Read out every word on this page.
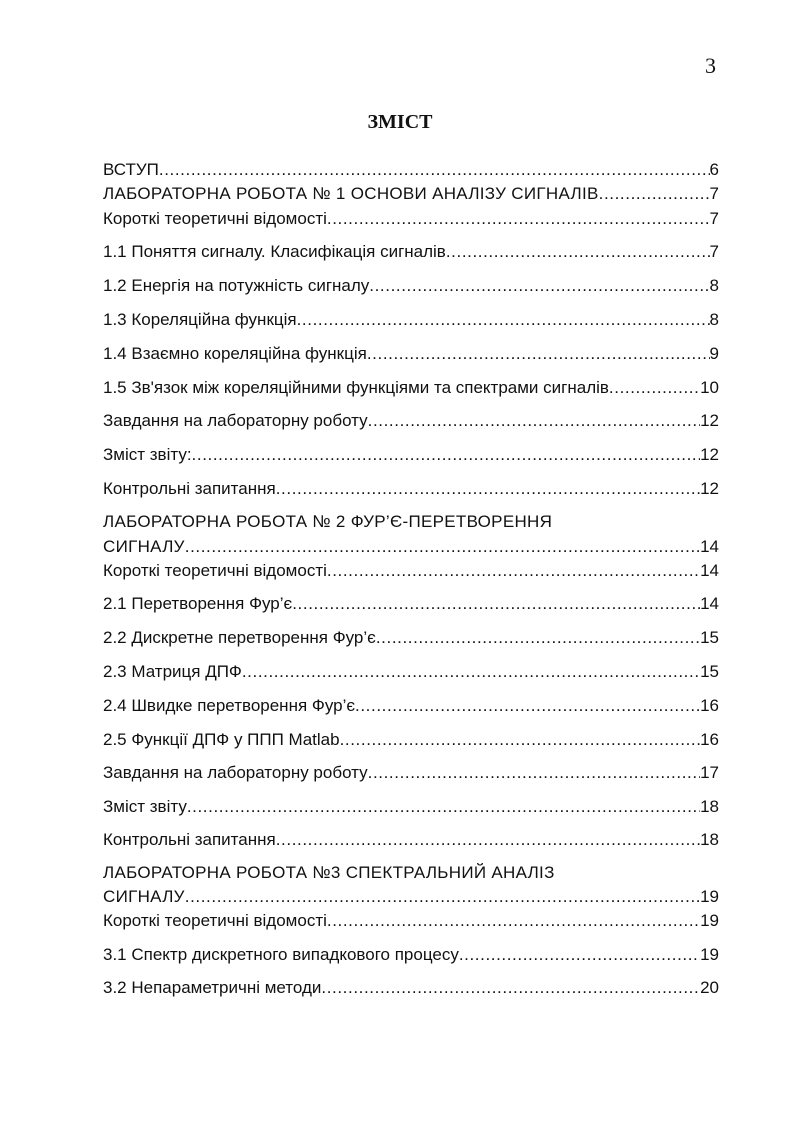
3
ЗМІСТ
ВСТУП .....	6
ЛАБОРАТОРНА РОБОТА № 1 ОСНОВИ АНАЛІЗУ СИГНАЛІВ .....	7
Короткі теоретичні відомості .....	7
1.1 Поняття сигналу. Класифікація сигналів .....	7
1.2 Енергія на потужність сигналу .....	8
1.3 Кореляційна функція .....	8
1.4 Взаємно кореляційна функція .....	9
1.5 Зв'язок між кореляційними функціями та спектрами сигналів .....	10
Завдання на лабораторну роботу .....	12
Зміст звіту: .....	12
Контрольні запитання .....	12
ЛАБОРАТОРНА РОБОТА № 2 ФУР’Є-ПЕРЕТВОРЕННЯ
СИГНАЛУ .....	14
Короткі теоретичні відомості .....	14
2.1 Перетворення Фур’є .....	14
2.2 Дискретне перетворення Фур’є .....	15
2.3 Матриця ДПФ .....	15
2.4 Швидке перетворення Фур’є .....	16
2.5 Функції ДПФ у ППП Matlab .....	16
Завдання на лабораторну роботу .....	17
Зміст звіту .....	18
Контрольні запитання .....	18
ЛАБОРАТОРНА РОБОТА №3 СПЕКТРАЛЬНИЙ АНАЛІЗ
СИГНАЛУ .....	19
Короткі теоретичні відомості .....	19
3.1 Спектр дискретного випадкового процесу .....	19
3.2 Непараметричні методи .....	20
